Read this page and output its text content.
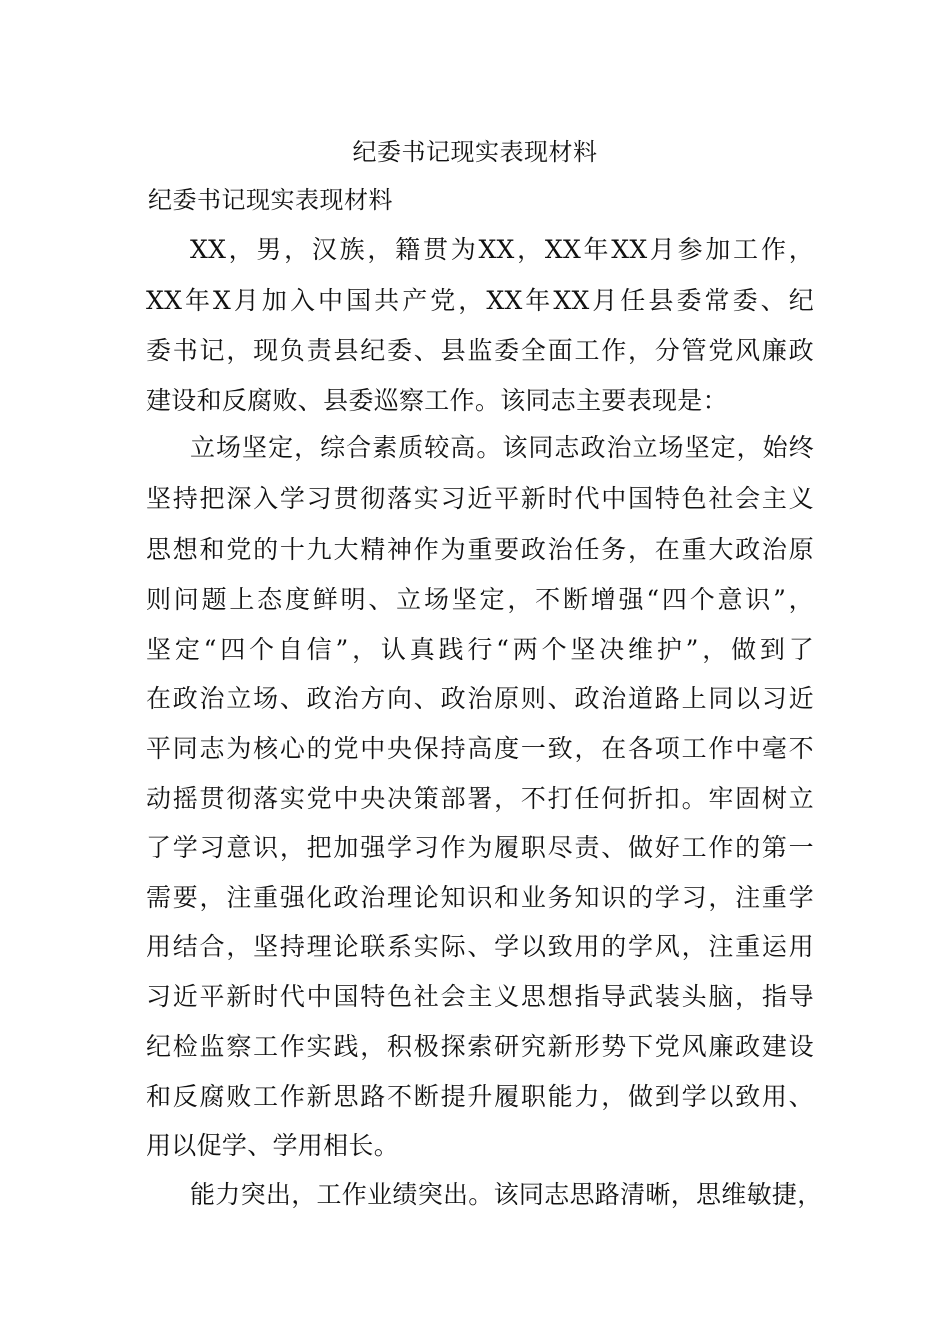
纪委书记现实表现材料
纪委书记现实表现材料
XX，男，汉族，籍贯为XX，XX年XX月参加工作，
XX年X月加入中国共产党，XX年XX月任县委常委、纪
委书记，现负责县纪委、县监委全面工作，分管党风廉政
建设和反腐败、县委巡察工作。该同志主要表现是：
立场坚定，综合素质较高。该同志政治立场坚定，始终
坚持把深入学习贯彻落实习近平新时代中国特色社会主义
思想和党的十九大精神作为重要政治任务，在重大政治原
则问题上态度鲜明、立场坚定，不断增强“四个意识”，
坚定“四个自信”，认真践行“两个坚决维护”，做到了
在政治立场、政治方向、政治原则、政治道路上同以习近
平同志为核心的党中央保持高度一致，在各项工作中毫不
动摇贯彻落实党中央决策部署，不打任何折扣。牢固树立
了学习意识，把加强学习作为履职尽责、做好工作的第一
需要，注重强化政治理论知识和业务知识的学习，注重学
用结合，坚持理论联系实际、学以致用的学风，注重运用
习近平新时代中国特色社会主义思想指导武装头脑，指导
纪检监察工作实践，积极探索研究新形势下党风廉政建设
和反腐败工作新思路不断提升履职能力，做到学以致用、
用以促学、学用相长。
能力突出，工作业绩突出。该同志思路清晰，思维敏捷，
